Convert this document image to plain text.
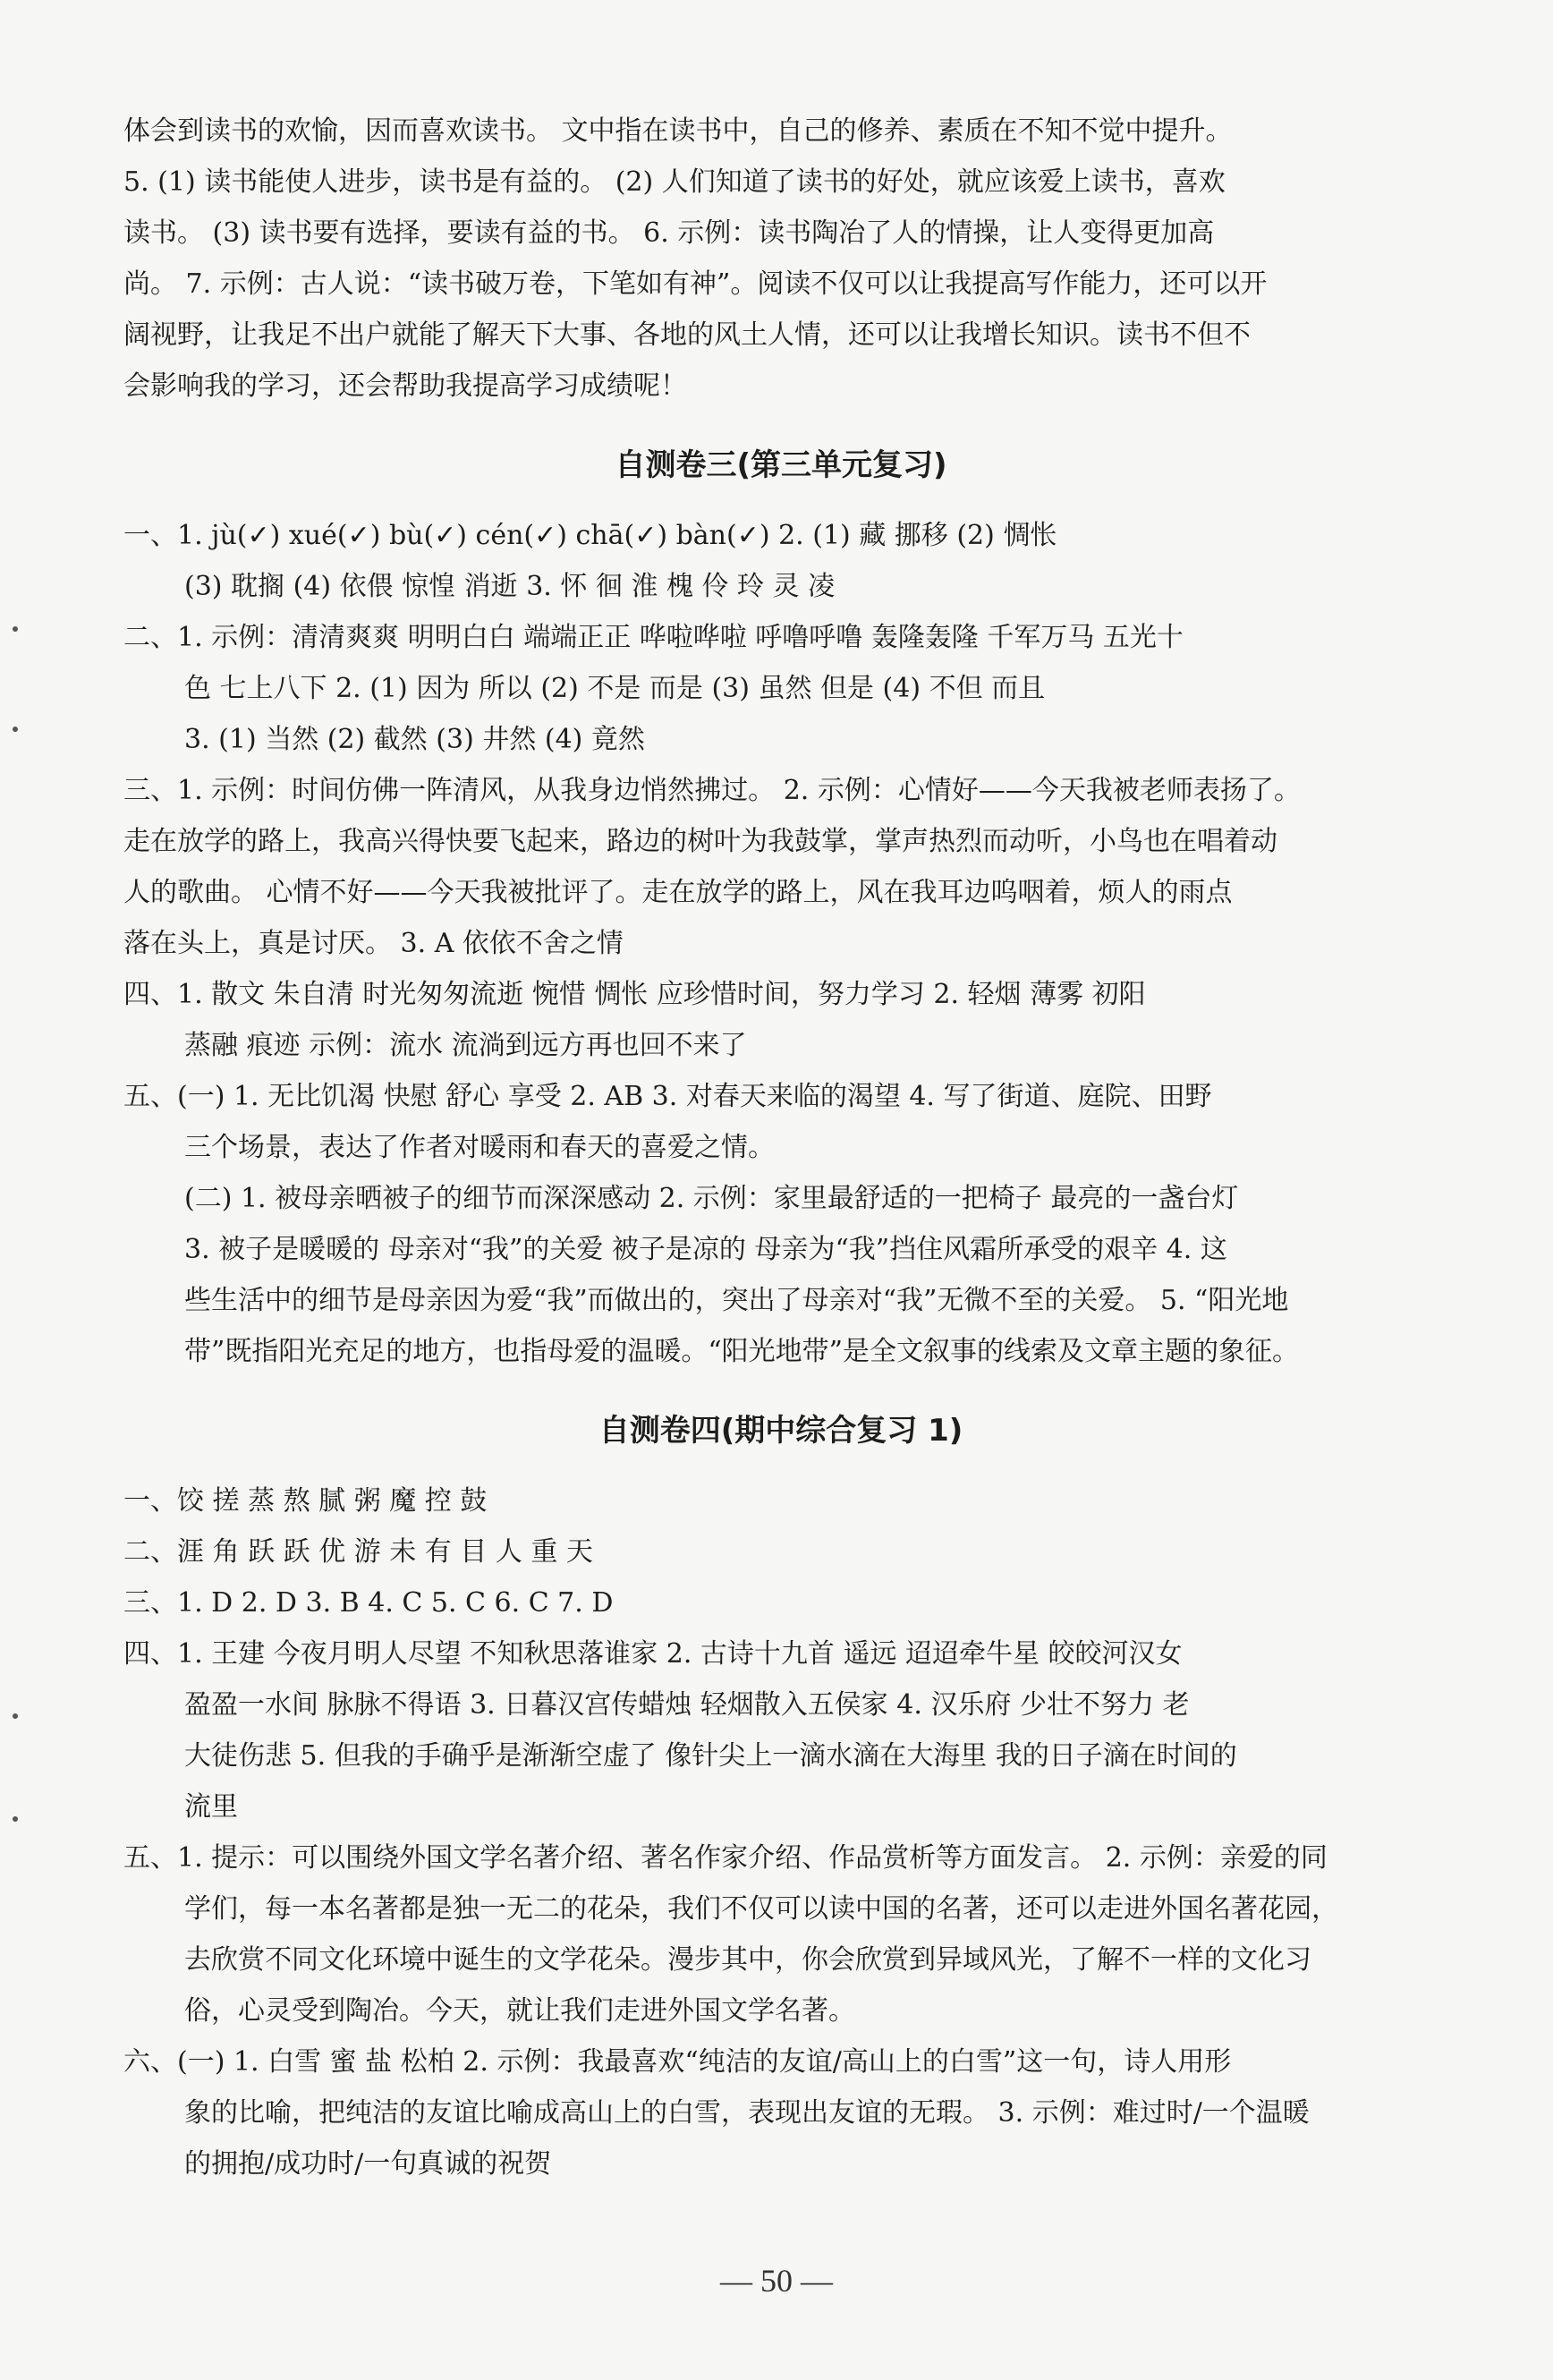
体会到读书的欢愉，因而喜欢读书。 文中指在读书中，自己的修养、素质在不知不觉中提升。

5. (1) 读书能使人进步，读书是有益的。 (2) 人们知道了读书的好处，就应该爱上读书，喜欢

读书。 (3) 读书要有选择，要读有益的书。 6. 示例：读书陶冶了人的情操，让人变得更加高

尚。 7. 示例：古人说：“读书破万卷，下笔如有神”。阅读不仅可以让我提高写作能力，还可以开

阔视野，让我足不出户就能了解天下大事、各地的风土人情，还可以让我增长知识。读书不但不

会影响我的学习，还会帮助我提高学习成绩呢！

自测卷三(第三单元复习)

一、1. jù(✓) xué(✓) bù(✓) cén(✓) chā(✓) bàn(✓) 2. (1) 藏 挪移 (2) 惆怅

(3) 耽搁 (4) 依偎 惊惶 消逝 3. 怀 徊 淮 槐 伶 玲 灵 凌

二、1. 示例：清清爽爽 明明白白 端端正正 哗啦哗啦 呼噜呼噜 轰隆轰隆 千军万马 五光十

色 七上八下 2. (1) 因为 所以 (2) 不是 而是 (3) 虽然 但是 (4) 不但 而且

3. (1) 当然 (2) 截然 (3) 井然 (4) 竟然

三、1. 示例：时间仿佛一阵清风，从我身边悄然拂过。 2. 示例：心情好——今天我被老师表扬了。

走在放学的路上，我高兴得快要飞起来，路边的树叶为我鼓掌，掌声热烈而动听，小鸟也在唱着动

人的歌曲。 心情不好——今天我被批评了。走在放学的路上，风在我耳边呜咽着，烦人的雨点

落在头上，真是讨厌。 3. A 依依不舍之情

四、1. 散文 朱自清 时光匆匆流逝 惋惜 惆怅 应珍惜时间，努力学习 2. 轻烟 薄雾 初阳

蒸融 痕迹 示例：流水 流淌到远方再也回不来了

五、(一) 1. 无比饥渴 快慰 舒心 享受 2. AB 3. 对春天来临的渴望 4. 写了街道、庭院、田野

三个场景，表达了作者对暖雨和春天的喜爱之情。

(二) 1. 被母亲晒被子的细节而深深感动 2. 示例：家里最舒适的一把椅子 最亮的一盏台灯

3. 被子是暖暖的 母亲对“我”的关爱 被子是凉的 母亲为“我”挡住风霜所承受的艰辛 4. 这

些生活中的细节是母亲因为爱“我”而做出的，突出了母亲对“我”无微不至的关爱。 5. “阳光地

带”既指阳光充足的地方，也指母爱的温暖。“阳光地带”是全文叙事的线索及文章主题的象征。

自测卷四(期中综合复习 1)

一、饺 搓 蒸 熬 腻 粥 魔 控 鼓

二、涯 角 跃 跃 优 游 未 有 目 人 重 天

三、1. D 2. D 3. B 4. C 5. C 6. C 7. D

四、1. 王建 今夜月明人尽望 不知秋思落谁家 2. 古诗十九首 遥远 迢迢牵牛星 皎皎河汉女

盈盈一水间 脉脉不得语 3. 日暮汉宫传蜡烛 轻烟散入五侯家 4. 汉乐府 少壮不努力 老

大徒伤悲 5. 但我的手确乎是渐渐空虚了 像针尖上一滴水滴在大海里 我的日子滴在时间的

流里

五、1. 提示：可以围绕外国文学名著介绍、著名作家介绍、作品赏析等方面发言。 2. 示例：亲爱的同

学们，每一本名著都是独一无二的花朵，我们不仅可以读中国的名著，还可以走进外国名著花园，

去欣赏不同文化环境中诞生的文学花朵。漫步其中，你会欣赏到异域风光，了解不一样的文化习

俗，心灵受到陶冶。今天，就让我们走进外国文学名著。

六、(一) 1. 白雪 蜜 盐 松柏 2. 示例：我最喜欢“纯洁的友谊/高山上的白雪”这一句，诗人用形

象的比喻，把纯洁的友谊比喻成高山上的白雪，表现出友谊的无瑕。 3. 示例：难过时/一个温暖

的拥抱/成功时/一句真诚的祝贺

— 50 —
